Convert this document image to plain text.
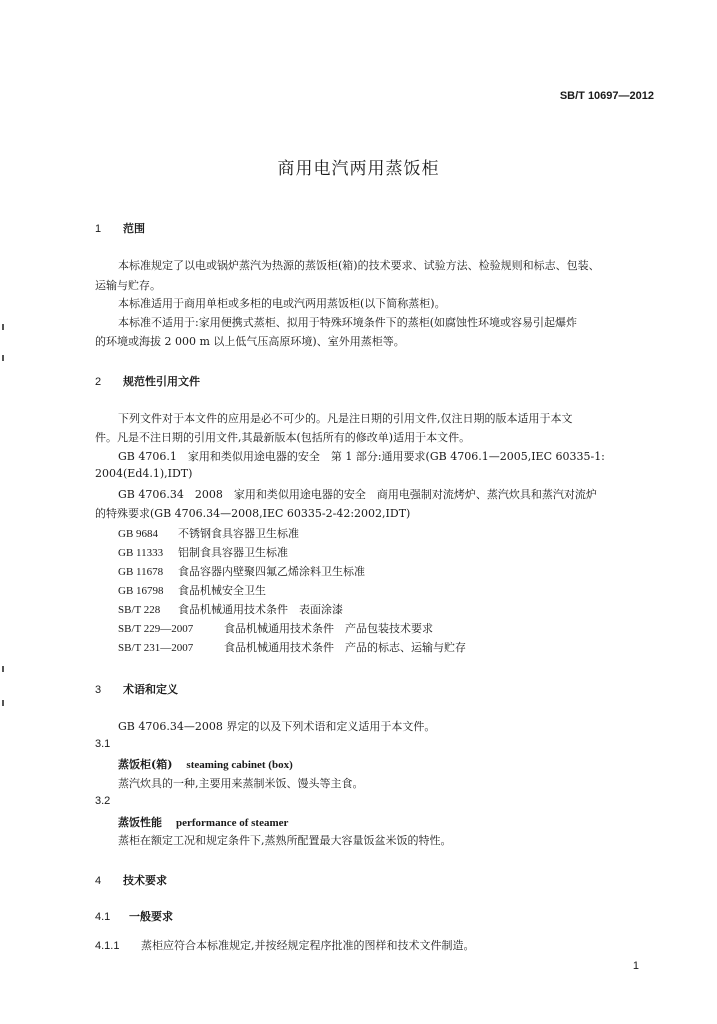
SB/T 10697—2012
商用电汽两用蒸饭柜
1 范围
本标准规定了以电或锅炉蒸汽为热源的蒸饭柜(箱)的技术要求、试验方法、检验规则和标志、包装、
运输与贮存。
本标准适用于商用单柜或多柜的电或汽两用蒸饭柜(以下简称蒸柜)。
本标准不适用于:家用便携式蒸柜、拟用于特殊环境条件下的蒸柜(如腐蚀性环境或容易引起爆炸
的环境或海拔 2 000 m 以上低气压高原环境)、室外用蒸柜等。
2 规范性引用文件
下列文件对于本文件的应用是必不可少的。凡是注日期的引用文件,仅注日期的版本适用于本文
件。凡是不注日期的引用文件,其最新版本(包括所有的修改单)适用于本文件。
GB 4706.1　家用和类似用途电器的安全　第 1 部分:通用要求(GB 4706.1—2005,IEC 60335-1:
2004(Ed4.1),IDT)
GB 4706.34　2008　家用和类似用途电器的安全　商用电强制对流烤炉、蒸汽炊具和蒸汽对流炉
的特殊要求(GB 4706.34—2008,IEC 60335-2-42:2002,IDT)
GB 9684 不锈钢食具容器卫生标准
GB 11333 铝制食具容器卫生标准
GB 11678 食品容器内壁聚四氟乙烯涂料卫生标准
GB 16798 食品机械安全卫生
SB/T 228 食品机械通用技术条件　表面涂漆
SB/T 229—2007	食品机械通用技术条件　产品包装技术要求
SB/T 231—2007	食品机械通用技术条件　产品的标志、运输与贮存
3 术语和定义
GB 4706.34—2008 界定的以及下列术语和定义适用于本文件。
3.1
蒸饭柜(箱) steaming cabinet (box)
蒸汽炊具的一种,主要用来蒸制米饭、馒头等主食。
3.2
蒸饭性能 performance of steamer
蒸柜在额定工况和规定条件下,蒸熟所配置最大容量饭盆米饭的特性。
4 技术要求
4.1 一般要求
4.1.1 蒸柜应符合本标准规定,并按经规定程序批准的图样和技术文件制造。
1
